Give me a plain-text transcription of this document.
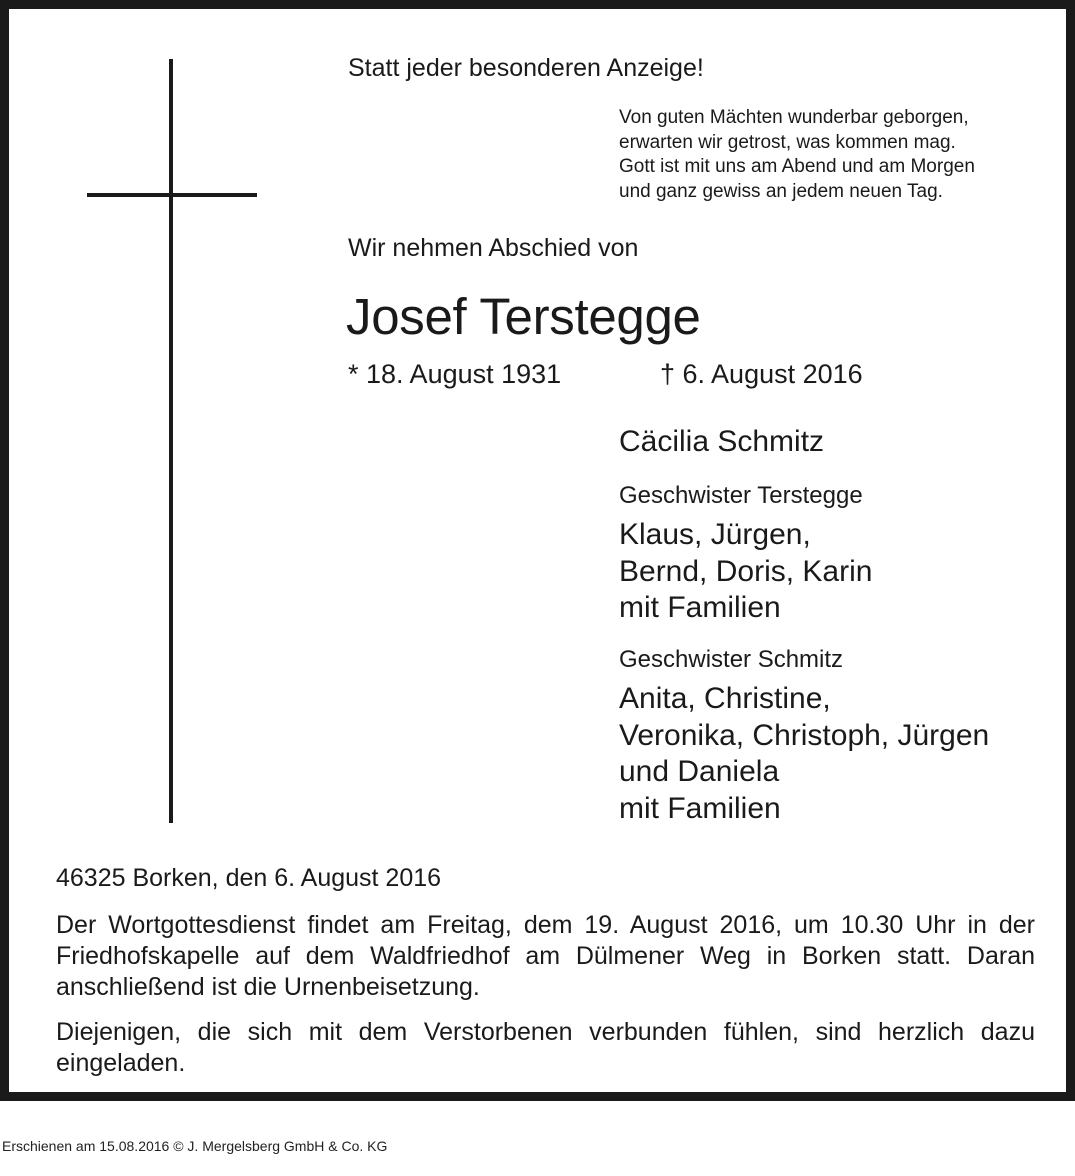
Statt jeder besonderen Anzeige!
Von guten Mächten wunderbar geborgen,
erwarten wir getrost, was kommen mag.
Gott ist mit uns am Abend und am Morgen
und ganz gewiss an jedem neuen Tag.
Wir nehmen Abschied von
Josef Terstegge
* 18. August 1931	† 6. August 2016
Cäcilia Schmitz
Geschwister Terstegge
Klaus, Jürgen,
Bernd, Doris, Karin
mit Familien
Geschwister Schmitz
Anita, Christine,
Veronika, Christoph, Jürgen
und Daniela
mit Familien
46325 Borken, den 6. August 2016
Der Wortgottesdienst findet am Freitag, dem 19. August 2016, um 10.30 Uhr in der Friedhofskapelle auf dem Waldfriedhof am Dülmener Weg in Borken statt. Daran anschließend ist die Urnenbeisetzung.
Diejenigen, die sich mit dem Verstorbenen verbunden fühlen, sind herzlich dazu eingeladen.
Erschienen am 15.08.2016 © J. Mergelsberg GmbH & Co. KG
